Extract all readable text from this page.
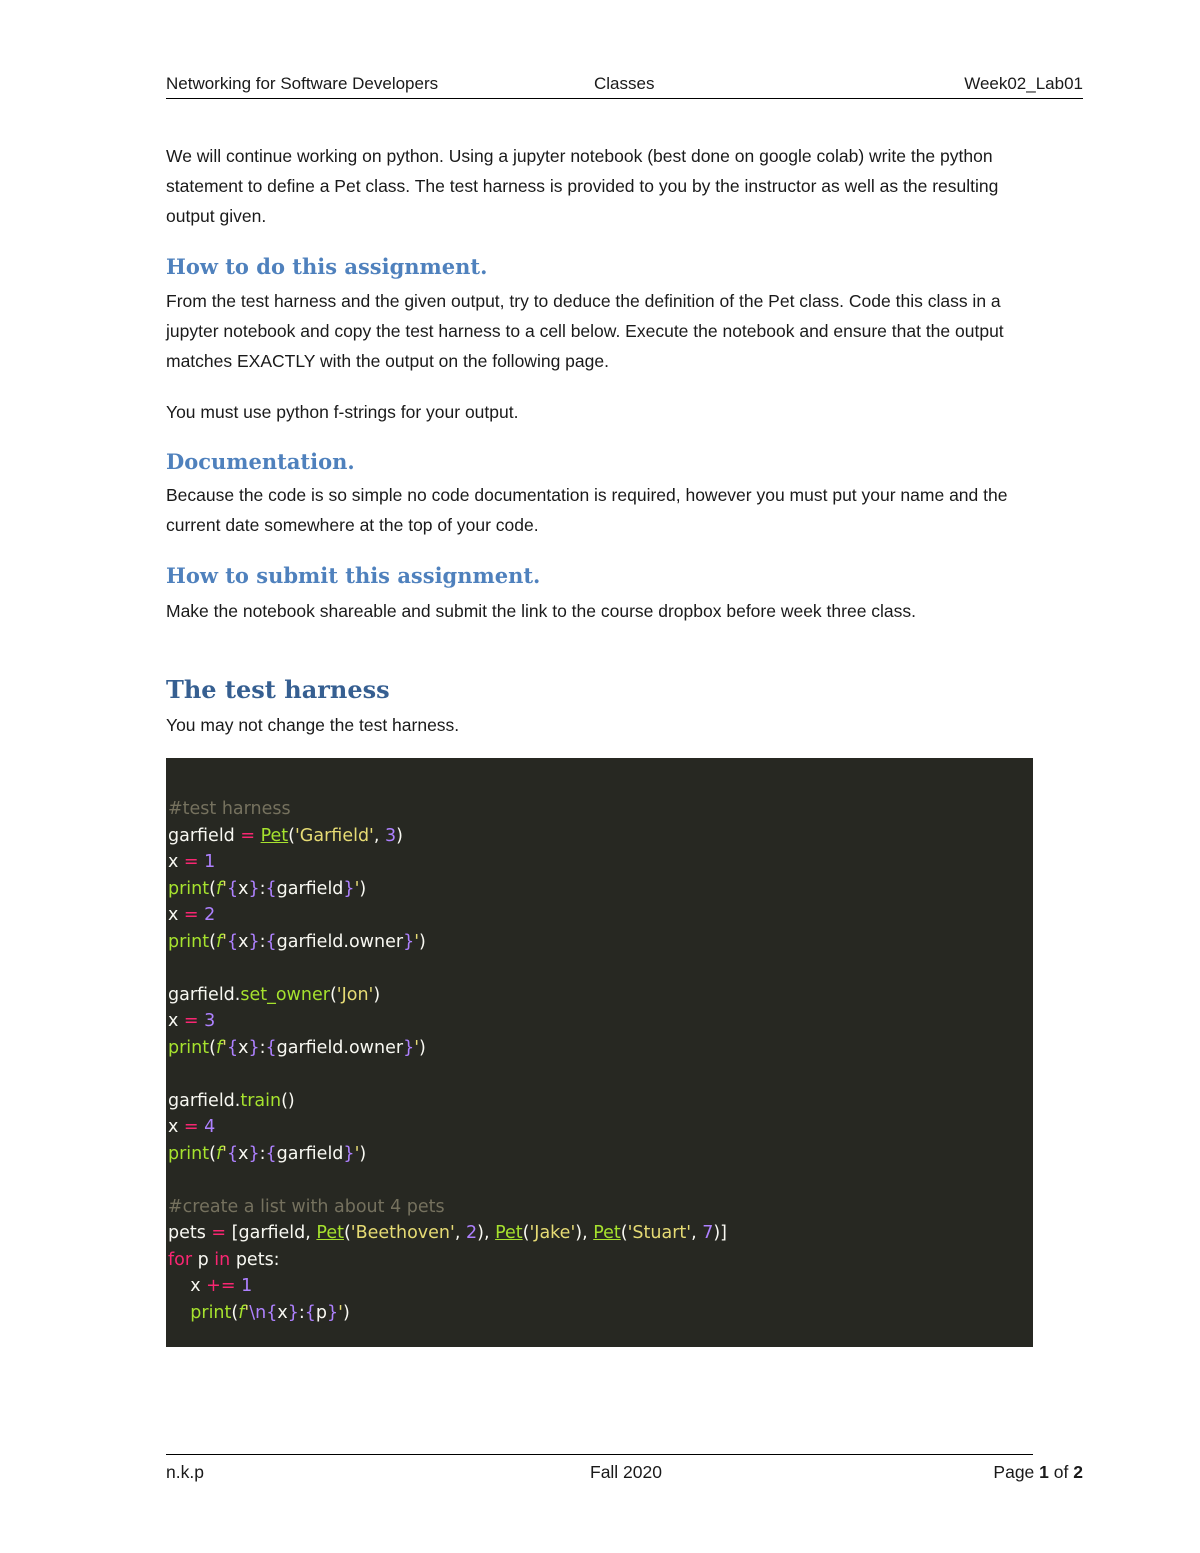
Networking for Software Developers	Classes	Week02_Lab01

We will continue working on python. Using a jupyter notebook (best done on google colab) write the python statement to define a Pet class. The test harness is provided to you by the instructor as well as the resulting output given.

How to do this assignment.

From the test harness and the given output, try to deduce the definition of the Pet class. Code this class in a jupyter notebook and copy the test harness to a cell below. Execute the notebook and ensure that the output matches EXACTLY with the output on the following page.

You must use python f-strings for your output.

Documentation.

Because the code is so simple no code documentation is required, however you must put your name and the current date somewhere at the top of your code.

How to submit this assignment.

Make the notebook shareable and submit the link to the course dropbox before week three class.

The test harness

You may not change the test harness.

#test harness
garfield = Pet('Garfield', 3)
x = 1
print(f'{x}:{garfield}')
x = 2
print(f'{x}:{garfield.owner}')

garfield.set_owner('Jon')
x = 3
print(f'{x}:{garfield.owner}')

garfield.train()
x = 4
print(f'{x}:{garfield}')

#create a list with about 4 pets
pets = [garfield, Pet('Beethoven', 2), Pet('Jake'), Pet('Stuart', 7)]
for p in pets:
x += 1
print(f'\n{x}:{p}')
n.k.p	Fall 2020	Page 1 of 2
